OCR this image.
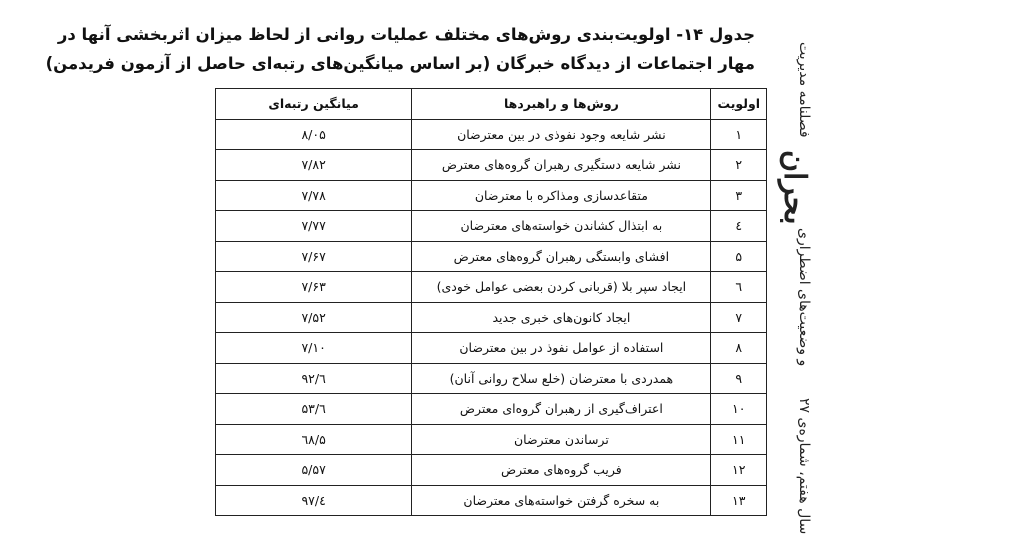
جدول ۱۴- اولویت‌بندی روش‌های مختلف عملیات روانی از لحاظ میزان اثربخشی آنها در
مهار اجتماعات از دیدگاه خبرگان (بر اساس میانگین‌های رتبه‌ای حاصل از آزمون فریدمن)
اولویت	روش‌ها و راهبردها	میانگین رتبه‌ای
۱	نشر شایعه وجود نفوذی در بین معترضان	۸/۰۵
۲	نشر شایعه دستگیری رهبران گروه‌های معترض	۷/۸۲
۳	متقاعدسازی ومذاکره با معترضان	۷/۷۸
٤	به ابتذال کشاندن خواسته‌های معترضان	۷/۷۷
۵	افشای وابستگی رهبران گروه‌های معترض	۷/۶۷
٦	ایجاد سپر بلا (قربانی کردن بعضی عوامل خودی)	۷/۶۳
۷	ایجاد کانون‌های خبری جدید	۷/۵۲
۸	استفاده از عوامل نفوذ در بین معترضان	۷/۱۰
۹	همدردی با معترضان (خلع سلاح روانی آنان)	٦/۹۲
۱۰	اعتراف‌گیری از رهبران گروه‌ای معترض	٦/۵۳
۱۱	ترساندن معترضان	۵/٦۸
۱۲	فریب گروه‌های معترض	۵/۵۷
۱۳	به سخره گرفتن خواسته‌های معترضان	٤/۹۷
فصلنامه مدیریت
بحران
و وضعیت‌های اضطراری
سال هفتم، شماره‌ی ۲۷
